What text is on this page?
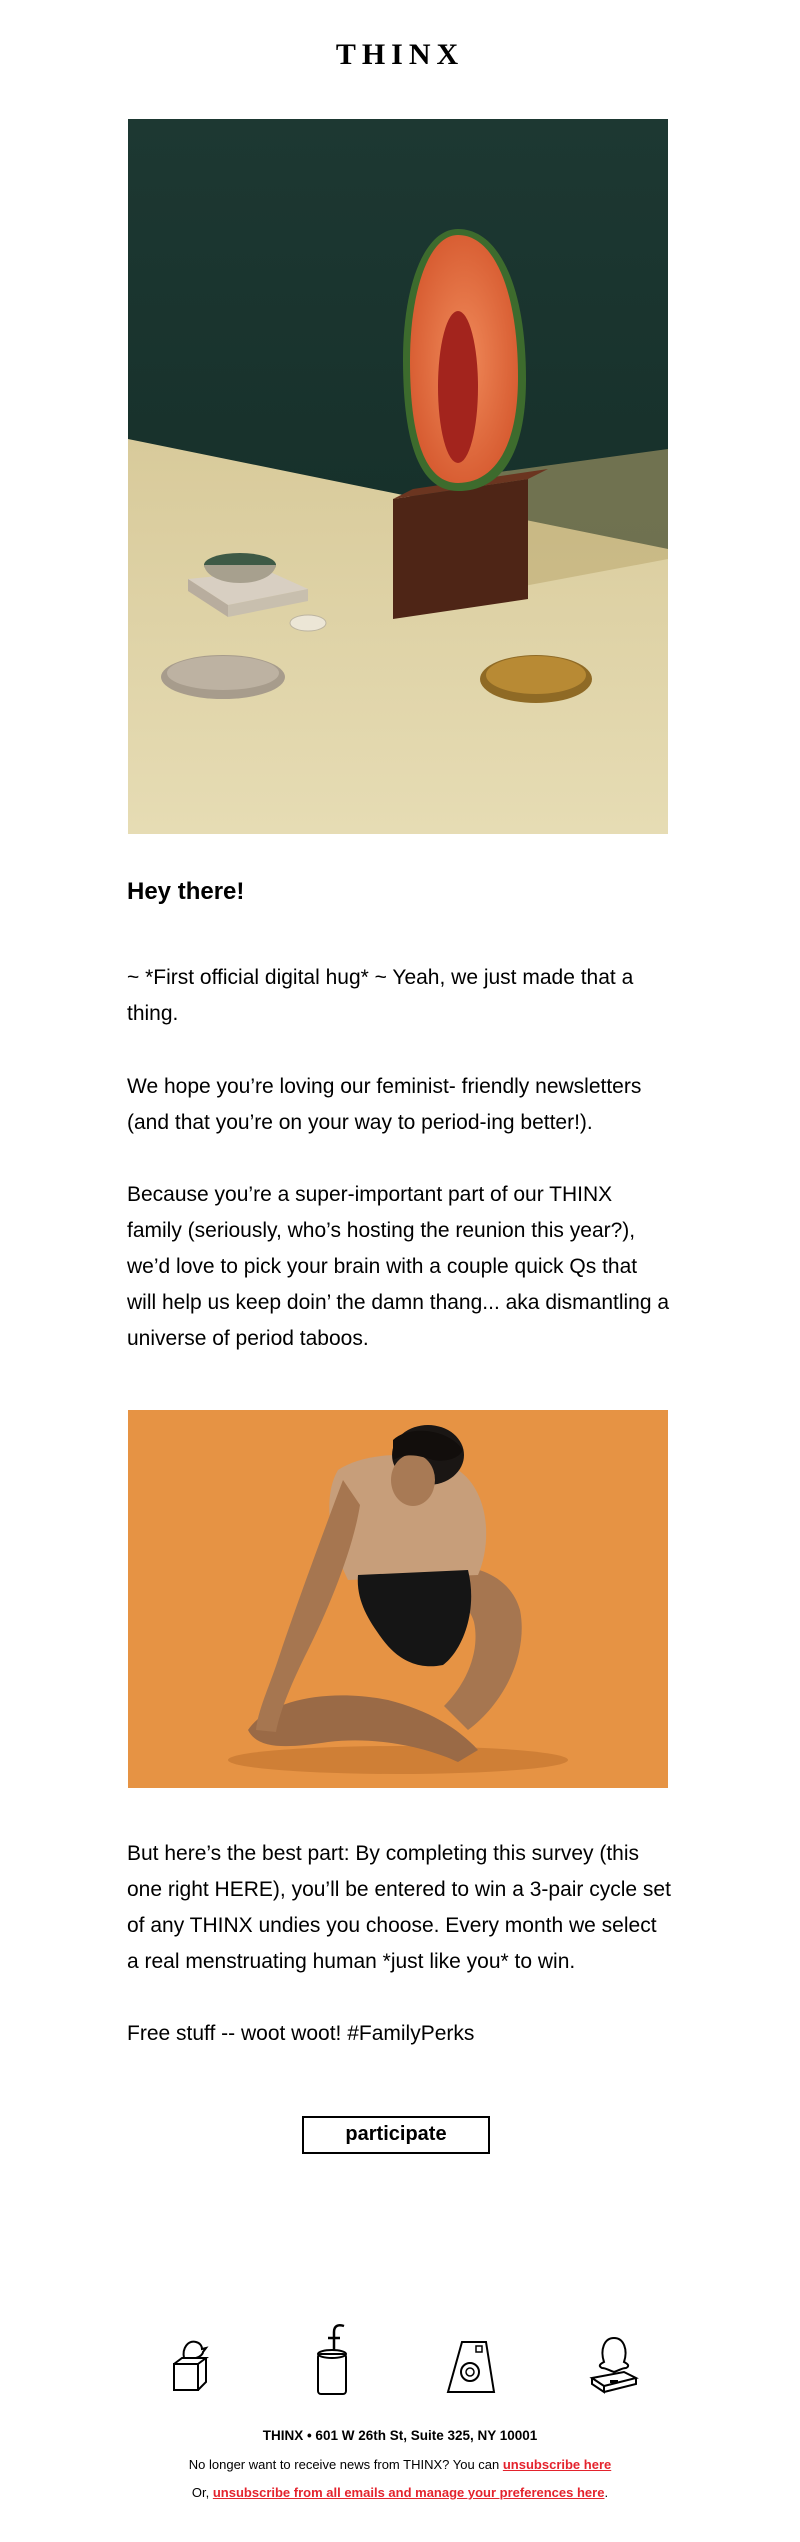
THINX
Hey there!
~ *First official digital hug* ~ Yeah, we just made that a thing.
We hope you’re loving our feminist- friendly newsletters (and that you’re on your way to period-ing better!).
Because you’re a super-important part of our THINX family (seriously, who’s hosting the reunion this year?), we’d love to pick your brain with a couple quick Qs that will help us keep doin’ the damn thang... aka dismantling a universe of period taboos.
But here’s the best part: By completing this survey (this one right HERE), you’ll be entered to win a 3-pair cycle set of any THINX undies you choose. Every month we select a real menstruating human *just like you* to win.
Free stuff -- woot woot! #FamilyPerks
participate
THINX • 601 W 26th St, Suite 325, NY 10001
No longer want to receive news from THINX? You can unsubscribe here
Or, unsubscribe from all emails and manage your preferences here.
